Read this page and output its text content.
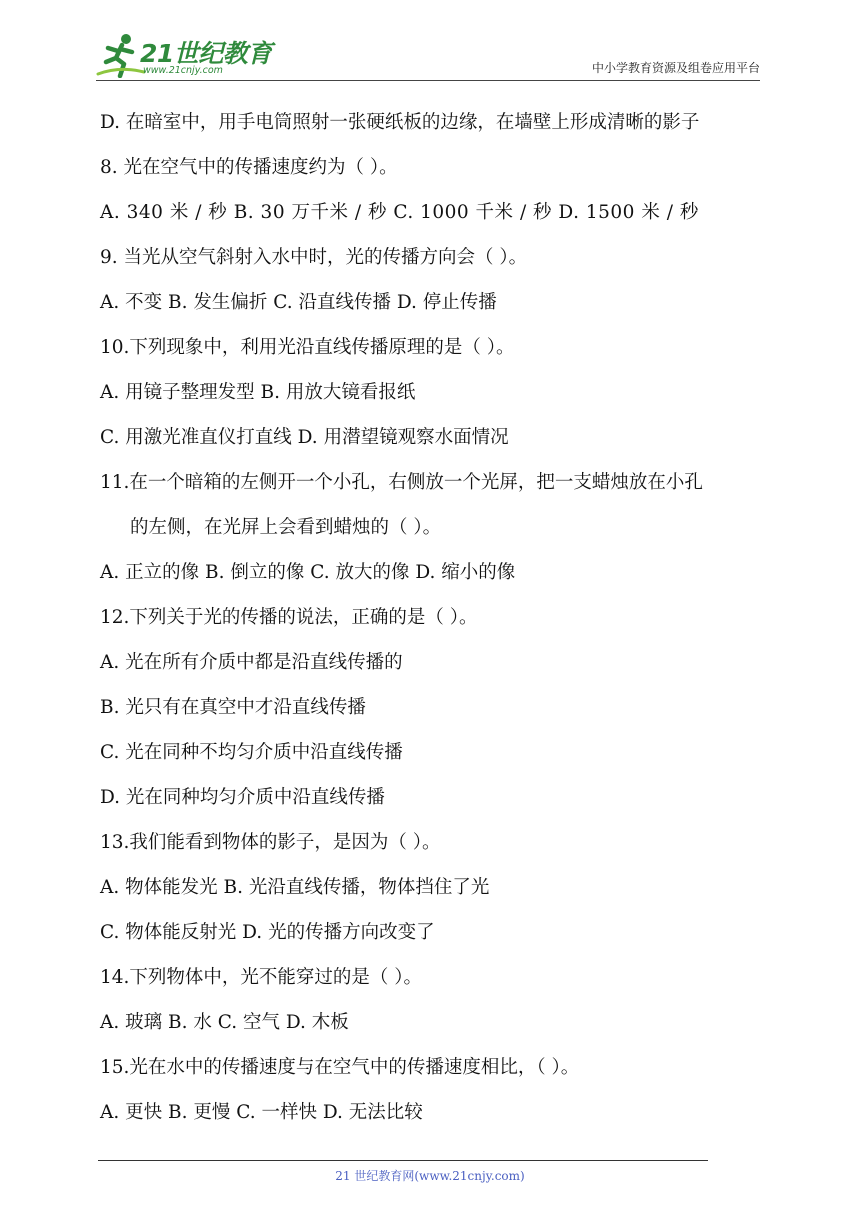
21世纪教育
www.21cnjy.com	中小学教育资源及组卷应用平台
D. 在暗室中，用手电筒照射一张硬纸板的边缘，在墙壁上形成清晰的影子
8. 光在空气中的传播速度约为（ ）。
A. 340 米 / 秒 B. 30 万千米 / 秒 C. 1000 千米 / 秒 D. 1500 米 / 秒
9. 当光从空气斜射入水中时，光的传播方向会（ ）。
A. 不变 B. 发生偏折 C. 沿直线传播 D. 停止传播
10.下列现象中，利用光沿直线传播原理的是（ ）。
A. 用镜子整理发型 B. 用放大镜看报纸
C. 用激光准直仪打直线 D. 用潜望镜观察水面情况
11.在一个暗箱的左侧开一个小孔，右侧放一个光屏，把一支蜡烛放在小孔
的左侧，在光屏上会看到蜡烛的（ ）。
A. 正立的像 B. 倒立的像 C. 放大的像 D. 缩小的像
12.下列关于光的传播的说法，正确的是（ ）。
A. 光在所有介质中都是沿直线传播的
B. 光只有在真空中才沿直线传播
C. 光在同种不均匀介质中沿直线传播
D. 光在同种均匀介质中沿直线传播
13.我们能看到物体的影子，是因为（ ）。
A. 物体能发光 B. 光沿直线传播，物体挡住了光
C. 物体能反射光 D. 光的传播方向改变了
14.下列物体中，光不能穿过的是（ ）。
A. 玻璃 B. 水 C. 空气 D. 木板
15.光在水中的传播速度与在空气中的传播速度相比，（ ）。
A. 更快 B. 更慢 C. 一样快 D. 无法比较
21 世纪教育网(www.21cnjy.com)
